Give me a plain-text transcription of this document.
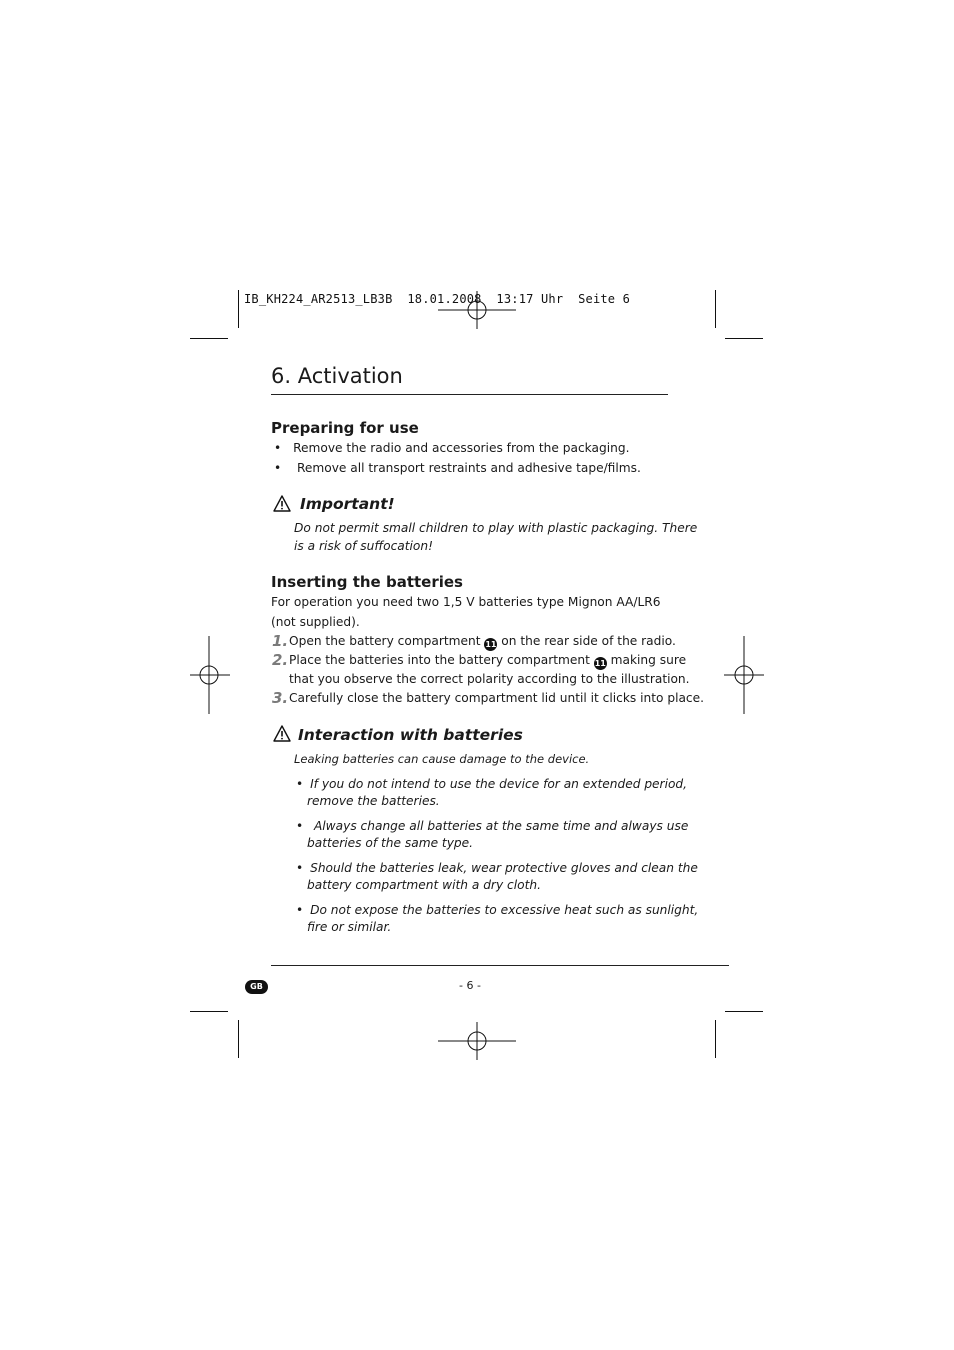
IB_KH224_AR2513_LB3B  18.01.2008  13:17 Uhr  Seite 6
6. Activation
Preparing for use
• Remove the radio and accessories from the packaging.
•  Remove all transport restraints and adhesive tape/films.
Important!
Do not permit small children to play with plastic packaging. There
is a risk of suffocation!
Inserting the batteries
For operation you need two 1,5 V batteries type Mignon AA/LR6
(not supplied).
1. Open the battery compartment 11 on the rear side of the radio.
2. Place the batteries into the battery compartment 11 making sure
that you observe the correct polarity according to the illustration.
3. Carefully close the battery compartment lid until it clicks into place.
Interaction with batteries
Leaking batteries can cause damage to the device.
• If you do not intend to use the device for an extended period,
remove the batteries.
•  Always change all batteries at the same time and always use
batteries of the same type.
• Should the batteries leak, wear protective gloves and clean the
battery compartment with a dry cloth.
• Do not expose the batteries to excessive heat such as sunlight,
fire or similar.
GB	- 6 -
